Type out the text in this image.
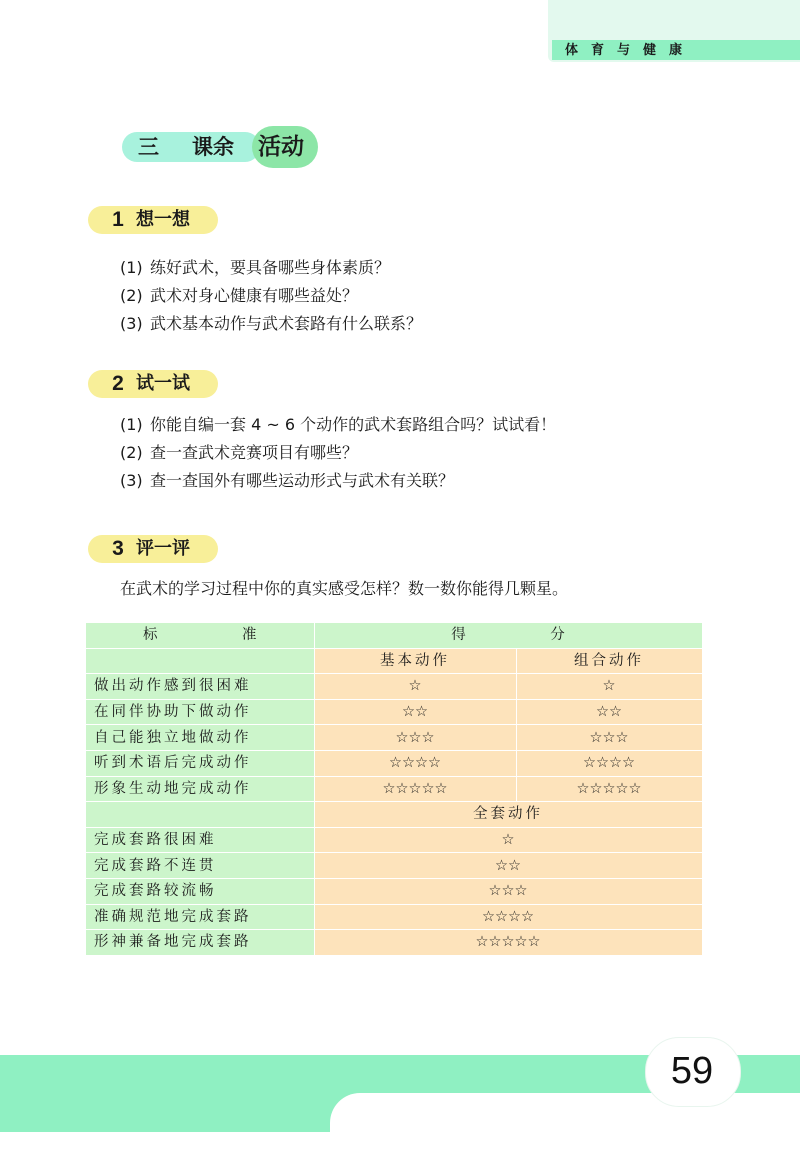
体育与健康
三 课余 活动
1 想一想
(1) 练好武术，要具备哪些身体素质？
(2) 武术对身心健康有哪些益处？
(3) 武术基本动作与武术套路有什么联系？
2 试一试
(1) 你能自编一套 4 ~ 6 个动作的武术套路组合吗？试试看！
(2) 查一查武术竞赛项目有哪些？
(3) 查一查国外有哪些运动形式与武术有关联？
3 评一评
在武术的学习过程中你的真实感受怎样？数一数你能得几颗星。
标 准	得 分	
	基本动作	组合动作
做出动作感到很困难	☆	☆
在同伴协助下做动作	☆☆	☆☆
自己能独立地做动作	☆☆☆	☆☆☆
听到术语后完成动作	☆☆☆☆	☆☆☆☆
形象生动地完成动作	☆☆☆☆☆	☆☆☆☆☆
	全套动作	
完成套路很困难	☆	
完成套路不连贯	☆☆	
完成套路较流畅	☆☆☆	
准确规范地完成套路	☆☆☆☆	
形神兼备地完成套路	☆☆☆☆☆	
59
